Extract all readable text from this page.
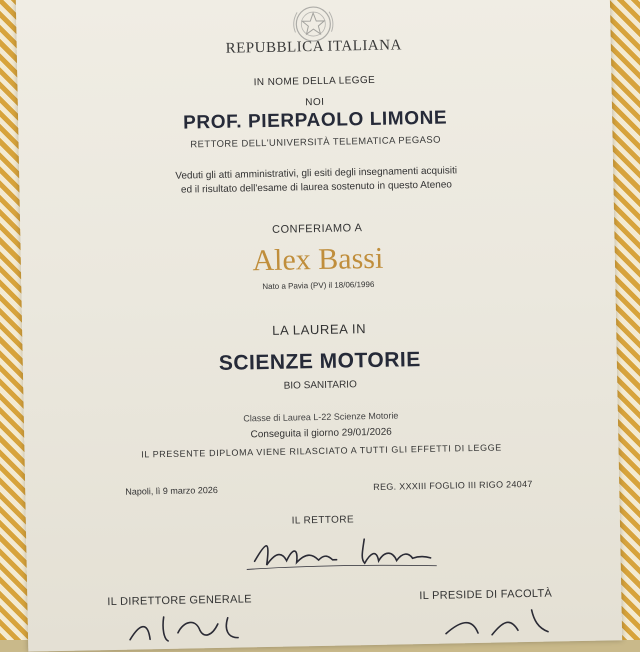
REPUBBLICA ITALIANA
IN NOME DELLA LEGGE
NOI
PROF. PIERPAOLO LIMONE
RETTORE DELL'UNIVERSITÀ TELEMATICA PEGASO
Veduti gli atti amministrativi, gli esiti degli insegnamenti acquisiti
ed il risultato dell'esame di laurea sostenuto in questo Ateneo
CONFERIAMO A
Alex Bassi
Nato a Pavia (PV) il 18/06/1996
LA LAUREA IN
SCIENZE MOTORIE
BIO SANITARIO
Classe di Laurea L-22 Scienze Motorie
Conseguita il giorno 29/01/2026
IL PRESENTE DIPLOMA VIENE RILASCIATO A TUTTI GLI EFFETTI DI LEGGE
Napoli, lì 9 marzo 2026	REG. XXXIII FOGLIO III RIGO 24047
IL RETTORE
IL DIRETTORE GENERALE	IL PRESIDE DI FACOLTÀ
